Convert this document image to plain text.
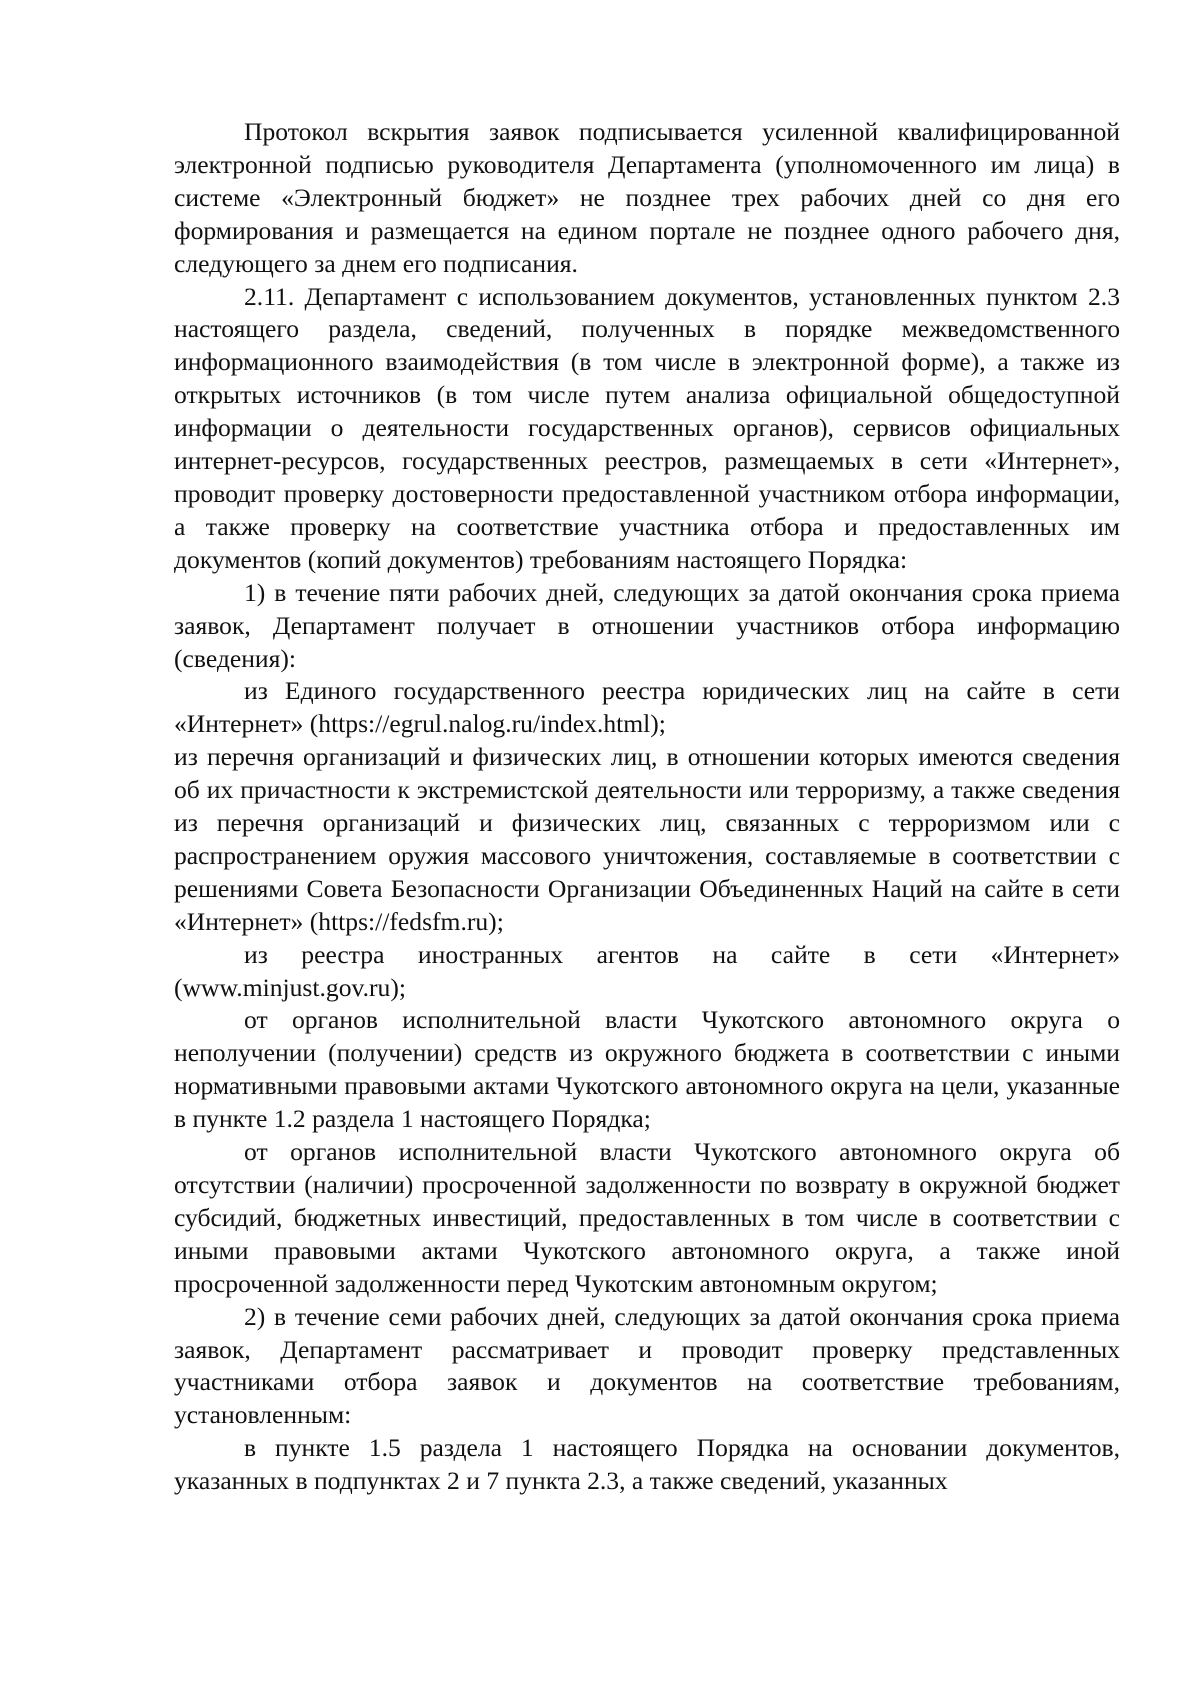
Протокол вскрытия заявок подписывается усиленной квалифицированной электронной подписью руководителя Департамента (уполномоченного им лица) в системе «Электронный бюджет» не позднее трех рабочих дней со дня его формирования и размещается на едином портале не позднее одного рабочего дня, следующего за днем его подписания.

2.11. Департамент с использованием документов, установленных пунктом 2.3 настоящего раздела, сведений, полученных в порядке межведомственного информационного взаимодействия (в том числе в электронной форме), а также из открытых источников (в том числе путем анализа официальной общедоступной информации о деятельности государственных органов), сервисов официальных интернет-ресурсов, государственных реестров, размещаемых в сети «Интернет», проводит проверку достоверности предоставленной участником отбора информации, а также проверку на соответствие участника отбора и предоставленных им документов (копий документов) требованиям настоящего Порядка:

1) в течение пяти рабочих дней, следующих за датой окончания срока приема заявок, Департамент получает в отношении участников отбора информацию (сведения):

из Единого государственного реестра юридических лиц на сайте в сети «Интернет» (https://egrul.nalog.ru/index.html);

из перечня организаций и физических лиц, в отношении которых имеются сведения об их причастности к экстремистской деятельности или терроризму, а также сведения из перечня организаций и физических лиц, связанных с терроризмом или с распространением оружия массового уничтожения, составляемые в соответствии с решениями Совета Безопасности Организации Объединенных Наций на сайте в сети «Интернет» (https://fedsfm.ru);

из реестра иностранных агентов на сайте в сети «Интернет» (www.minjust.gov.ru);

от органов исполнительной власти Чукотского автономного округа о неполучении (получении) средств из окружного бюджета в соответствии с иными нормативными правовыми актами Чукотского автономного округа на цели, указанные в пункте 1.2 раздела 1 настоящего Порядка;

от органов исполнительной власти Чукотского автономного округа об отсутствии (наличии) просроченной задолженности по возврату в окружной бюджет субсидий, бюджетных инвестиций, предоставленных в том числе в соответствии с иными правовыми актами Чукотского автономного округа, а также иной просроченной задолженности перед Чукотским автономным округом;

2) в течение семи рабочих дней, следующих за датой окончания срока приема заявок, Департамент рассматривает и проводит проверку представленных участниками отбора заявок и документов на соответствие требованиям, установленным:

в пункте 1.5 раздела 1 настоящего Порядка на основании документов, указанных в подпунктах 2 и 7 пункта 2.3, а также сведений, указанных
